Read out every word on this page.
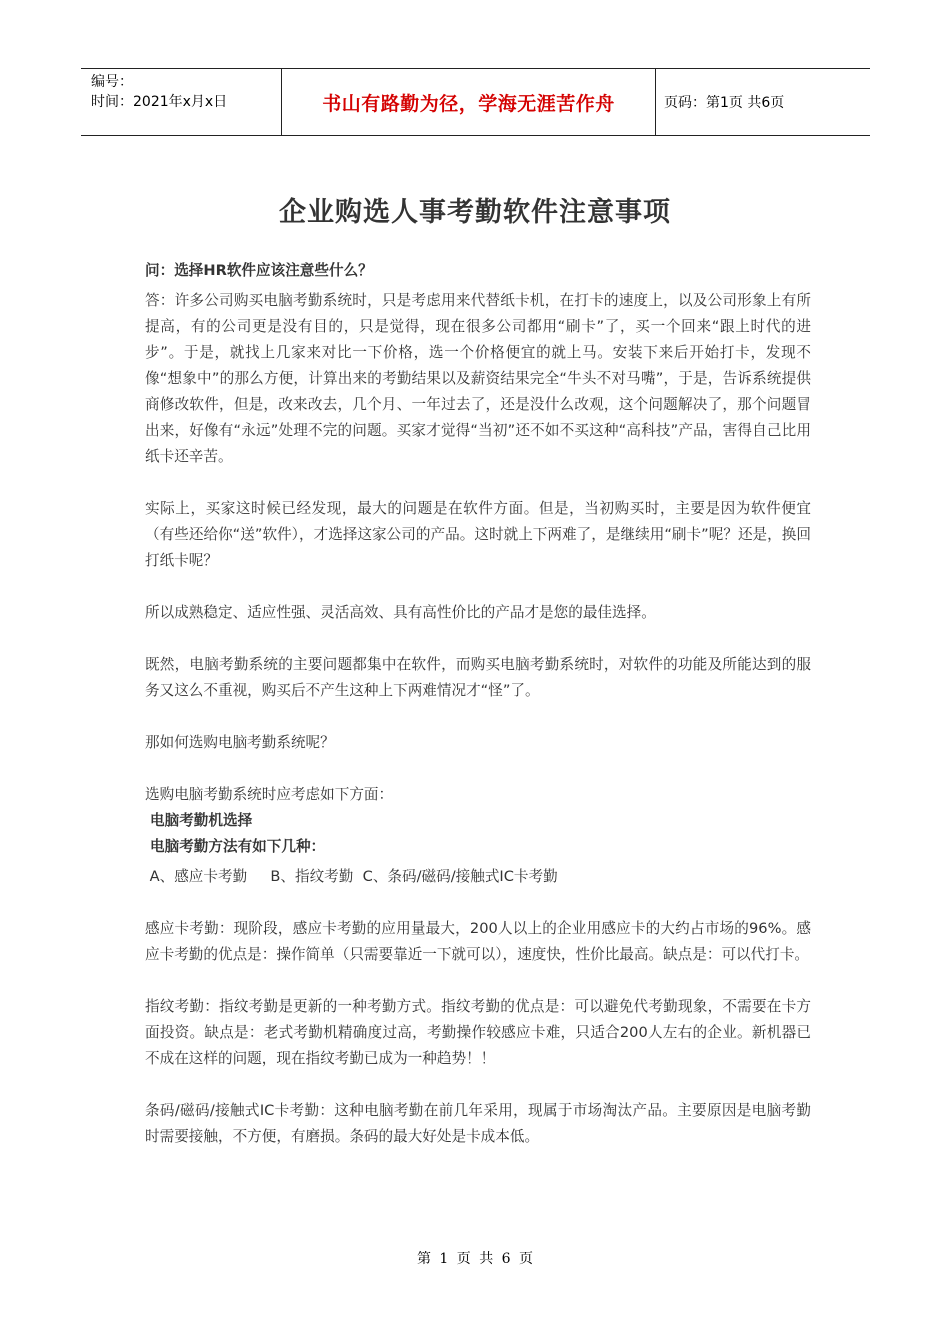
编号：
时间：2021年x月x日	书山有路勤为径，学海无涯苦作舟	页码：第1页 共6页
企业购选人事考勤软件注意事项

问：选择HR软件应该注意些什么？

答：许多公司购买电脑考勤系统时，只是考虑用来代替纸卡机，在打卡的速度上，以及公司形象上有所提高，有的公司更是没有目的，只是觉得，现在很多公司都用“刷卡”了，买一个回来“跟上时代的进步”。于是，就找上几家来对比一下价格，选一个价格便宜的就上马。安装下来后开始打卡，发现不像“想象中”的那么方便，计算出来的考勤结果以及薪资结果完全“牛头不对马嘴”，于是，告诉系统提供商修改软件，但是，改来改去，几个月、一年过去了，还是没什么改观，这个问题解决了，那个问题冒出来，好像有“永远”处理不完的问题。买家才觉得“当初”还不如不买这种“高科技”产品，害得自己比用纸卡还辛苦。

实际上，买家这时候已经发现，最大的问题是在软件方面。但是，当初购买时，主要是因为软件便宜（有些还给你“送”软件），才选择这家公司的产品。这时就上下两难了，是继续用“刷卡”呢？还是，换回打纸卡呢？

所以成熟稳定、适应性强、灵活高效、具有高性价比的产品才是您的最佳选择。

既然，电脑考勤系统的主要问题都集中在软件，而购买电脑考勤系统时，对软件的功能及所能达到的服务又这么不重视，购买后不产生这种上下两难情况才“怪”了。

那如何选购电脑考勤系统呢？

选购电脑考勤系统时应考虑如下方面：

电脑考勤机选择

电脑考勤方法有如下几种：

A、感应卡考勤     B、指纹考勤  C、条码/磁码/接触式IC卡考勤

感应卡考勤：现阶段，感应卡考勤的应用量最大，200人以上的企业用感应卡的大约占市场的96%。感应卡考勤的优点是：操作简单（只需要靠近一下就可以），速度快，性价比最高。缺点是：可以代打卡。

指纹考勤：指纹考勤是更新的一种考勤方式。指纹考勤的优点是：可以避免代考勤现象，不需要在卡方面投资。缺点是：老式考勤机精确度过高，考勤操作较感应卡难，只适合200人左右的企业。新机器已不成在这样的问题，现在指纹考勤已成为一种趋势！！

条码/磁码/接触式IC卡考勤：这种电脑考勤在前几年采用，现属于市场淘汰产品。主要原因是电脑考勤时需要接触，不方便，有磨损。条码的最大好处是卡成本低。

第 1 页 共 6 页
